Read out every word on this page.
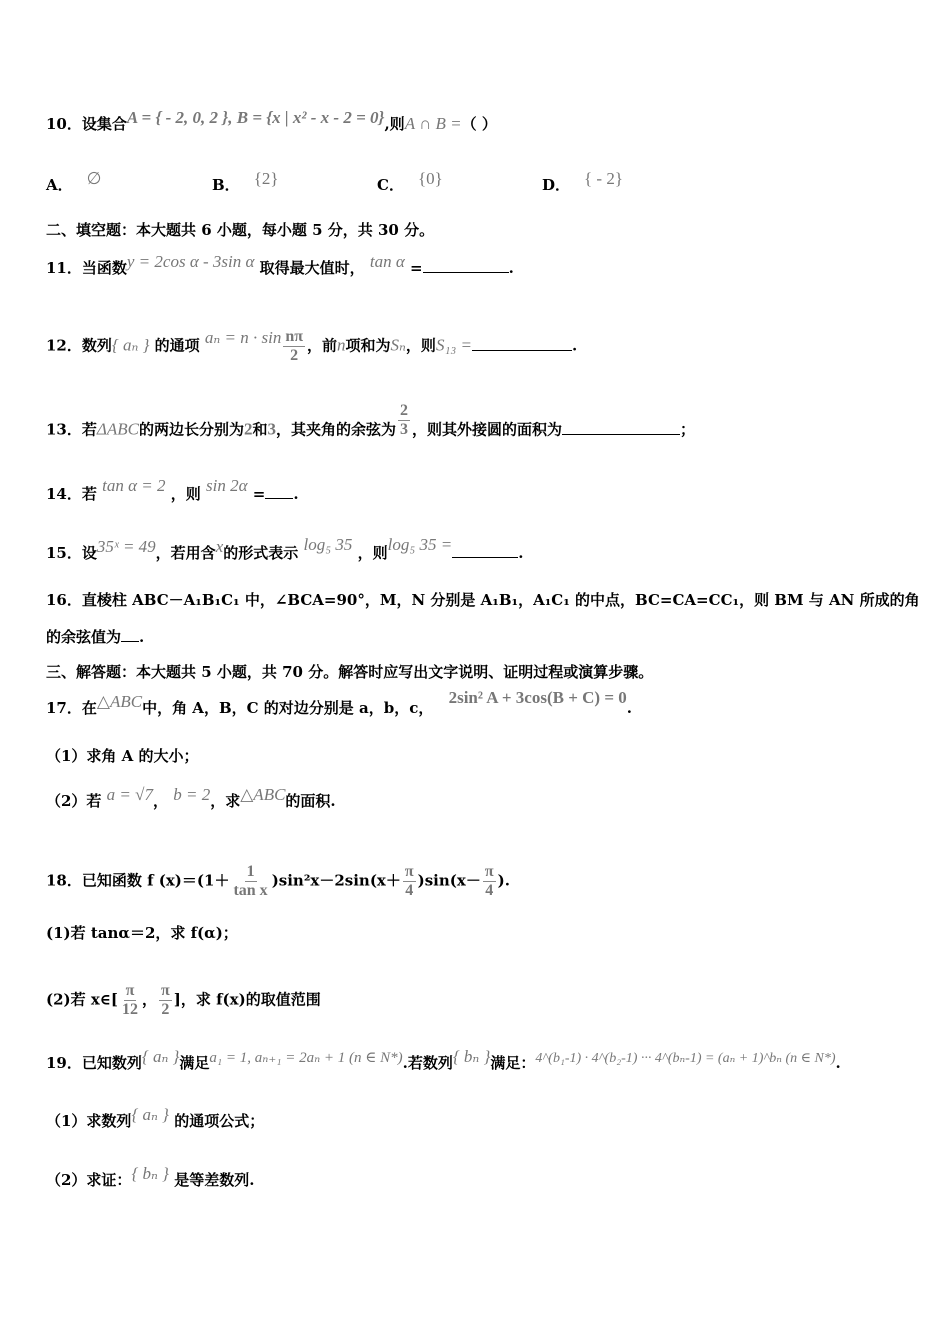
10．设集合A = { - 2, 0, 2 }, B = {x | x² - x - 2 = 0},则A ∩ B =（ ）
A． ∅	B． {2}	C． {0}	D． { - 2}
二、填空题：本大题共 6 小题，每小题 5 分，共 30 分。
11．当函数y = 2cos α - 3sin α 取得最大值时， tan α =	.
12．数列{ aₙ } 的通项 $a_n = n \cdot \sin \frac{n\pi}{2}$ ，前n项和为Sₙ，则S₁₃ =	.
13．若ΔABC的两边长分别为2和3，其夹角的余弦为 $\frac{2}{3}$ ，则其外接圆的面积为	；
14．若 tan α = 2 ，则 sin 2α = .
15．设35ˣ = 49，若用含x的形式表示 log₅ 35 ，则log₅ 35 =	.
16．直棱柱 ABC－A₁B₁C₁ 中，∠BCA=90°，M，N 分别是 A₁B₁，A₁C₁ 的中点，BC=CA=CC₁，则 BM 与 AN 所成的角
的余弦值为 .
三、解答题：本大题共 5 小题，共 70 分。解答时应写出文字说明、证明过程或演算步骤。
17．在△ABC中，角 A，B，C 的对边分别是 a，b，c， 2sin² A + 3cos(B + C) = 0.
（1）求角 A 的大小；
（2）若 a = √7， b = 2，求△ABC的面积.
18．已知函数 f $(x)=(1+ \frac{1}{\text{tan x}} )\sin^2x-2\sin(x+ \frac{\pi}{4} )\sin(x- \frac{\pi}{4}$ ).
(1)若 tanα＝2，求 f(α)；
(2)若 x∈[ $\frac{\pi}{12}$ ， $\frac{\pi}{2}$ ]，求 f(x)的取值范围
19．已知数列{ aₙ }满足a₁ = 1, aₙ₊₁ = 2aₙ + 1 (n ∈ N*).若数列{ bₙ }满足：4^(b₁-1) · 4^(b₂-1) ··· 4^(bₙ-1) = (aₙ + 1)^bₙ (n ∈ N*).
（1）求数列{ aₙ } 的通项公式；
（2）求证：{ bₙ } 是等差数列.
